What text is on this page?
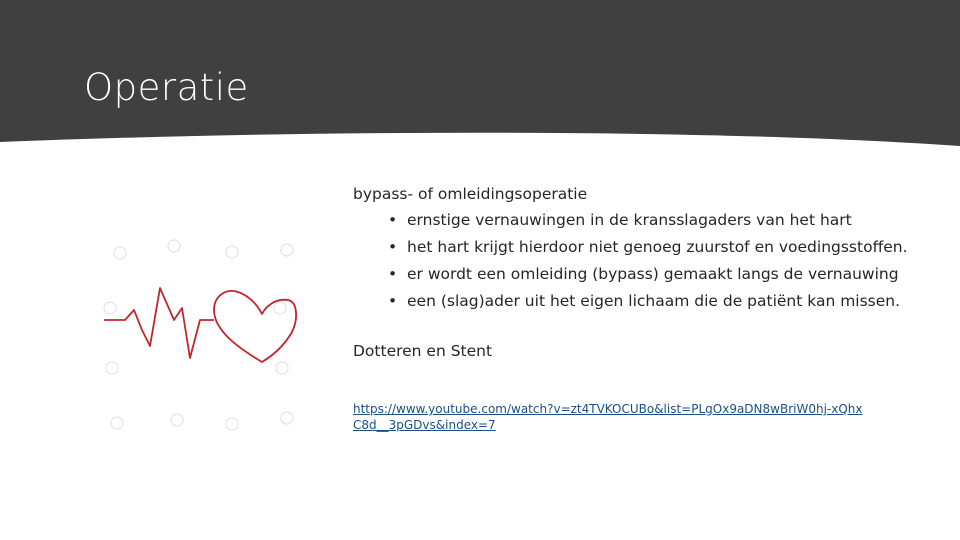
Operatie
bypass- of omleidingsoperatie
• ernstige vernauwingen in de kransslagaders van het hart
• het hart krijgt hierdoor niet genoeg zuurstof en voedingsstoffen.
• er wordt een omleiding (bypass) gemaakt langs de vernauwing
• een (slag)ader uit het eigen lichaam die de patiënt kan missen.
Dotteren en Stent
https://www.youtube.com/watch?v=zt4TVKOCUBo&list=PLgOx9aDN8wBriW0hj-xQhxC8d__3pGDvs&index=7
